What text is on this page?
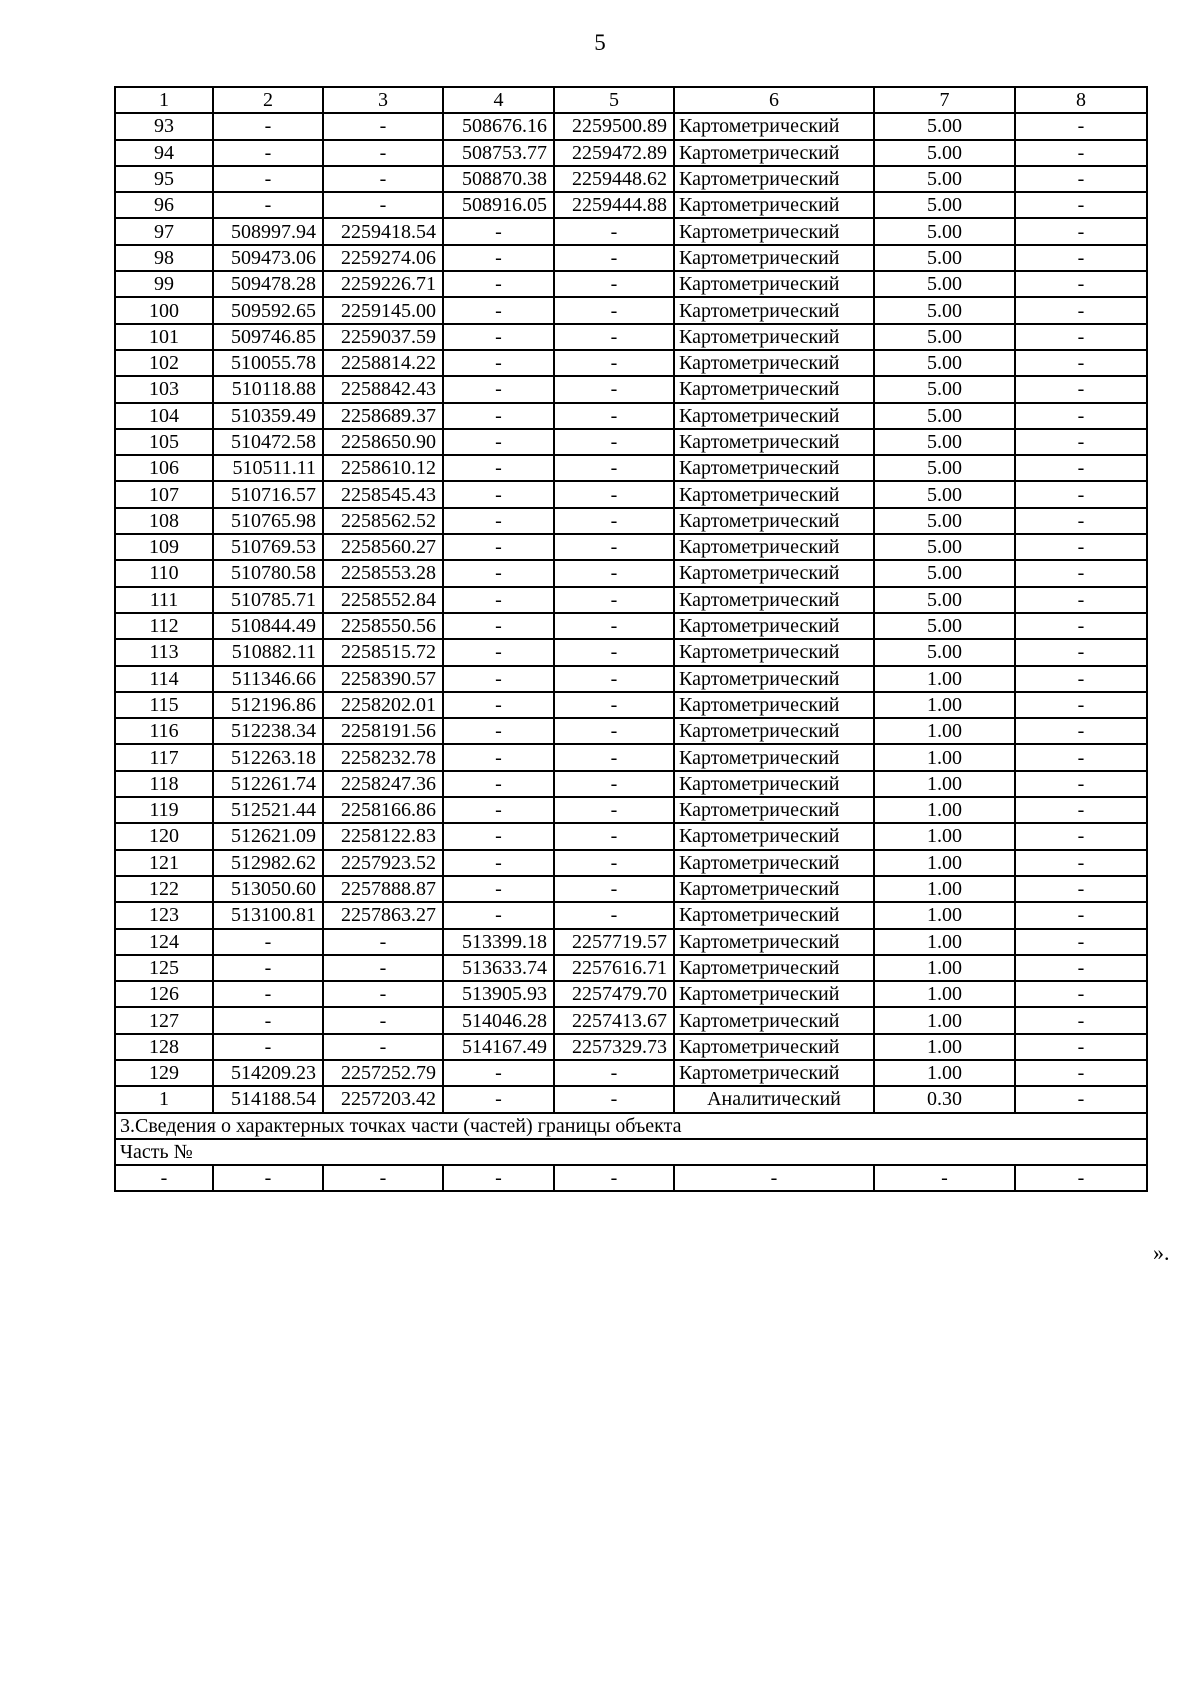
5
1	2	3	4	5	6	7	8
93	-	-	508676.16	2259500.89	Картометрический	5.00	-
94	-	-	508753.77	2259472.89	Картометрический	5.00	-
95	-	-	508870.38	2259448.62	Картометрический	5.00	-
96	-	-	508916.05	2259444.88	Картометрический	5.00	-
97	508997.94	2259418.54	-	-	Картометрический	5.00	-
98	509473.06	2259274.06	-	-	Картометрический	5.00	-
99	509478.28	2259226.71	-	-	Картометрический	5.00	-
100	509592.65	2259145.00	-	-	Картометрический	5.00	-
101	509746.85	2259037.59	-	-	Картометрический	5.00	-
102	510055.78	2258814.22	-	-	Картометрический	5.00	-
103	510118.88	2258842.43	-	-	Картометрический	5.00	-
104	510359.49	2258689.37	-	-	Картометрический	5.00	-
105	510472.58	2258650.90	-	-	Картометрический	5.00	-
106	510511.11	2258610.12	-	-	Картометрический	5.00	-
107	510716.57	2258545.43	-	-	Картометрический	5.00	-
108	510765.98	2258562.52	-	-	Картометрический	5.00	-
109	510769.53	2258560.27	-	-	Картометрический	5.00	-
110	510780.58	2258553.28	-	-	Картометрический	5.00	-
111	510785.71	2258552.84	-	-	Картометрический	5.00	-
112	510844.49	2258550.56	-	-	Картометрический	5.00	-
113	510882.11	2258515.72	-	-	Картометрический	5.00	-
114	511346.66	2258390.57	-	-	Картометрический	1.00	-
115	512196.86	2258202.01	-	-	Картометрический	1.00	-
116	512238.34	2258191.56	-	-	Картометрический	1.00	-
117	512263.18	2258232.78	-	-	Картометрический	1.00	-
118	512261.74	2258247.36	-	-	Картометрический	1.00	-
119	512521.44	2258166.86	-	-	Картометрический	1.00	-
120	512621.09	2258122.83	-	-	Картометрический	1.00	-
121	512982.62	2257923.52	-	-	Картометрический	1.00	-
122	513050.60	2257888.87	-	-	Картометрический	1.00	-
123	513100.81	2257863.27	-	-	Картометрический	1.00	-
124	-	-	513399.18	2257719.57	Картометрический	1.00	-
125	-	-	513633.74	2257616.71	Картометрический	1.00	-
126	-	-	513905.93	2257479.70	Картометрический	1.00	-
127	-	-	514046.28	2257413.67	Картометрический	1.00	-
128	-	-	514167.49	2257329.73	Картометрический	1.00	-
129	514209.23	2257252.79	-	-	Картометрический	1.00	-
1	514188.54	2257203.42	-	-	Аналитический	0.30	-
3.Сведения о характерных точках части (частей) границы объекта							
Часть №							
-	-	-	-	-	-	-	-
».
